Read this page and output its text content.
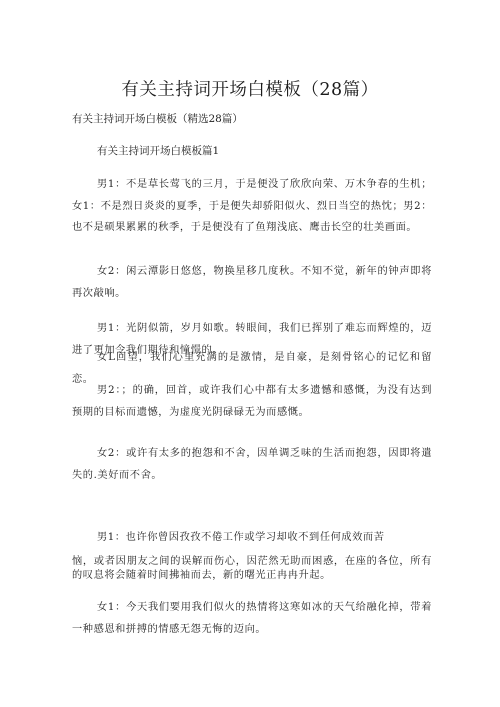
有关主持词开场白模板（28篇）
有关主持词开场白模板（精选28篇）
有关主持词开场白模板篇1
男1：不是草长莺飞的三月，于是便没了欣欣向荣、万木争春的生机；女1：不是烈日炎炎的夏季，于是便失却骄阳似火、烈日当空的热忱；男2：也不是硕果累累的秋季，于是便没有了鱼翔浅底、鹰击长空的壮美画面。
女2：闲云潭影日悠悠，物换星移几度秋。不知不觉，新年的钟声即将再次敲响。
男1：光阴似箭，岁月如歌。转眼间，我们已挥别了难忘而辉煌的，迈进了更加令我们期待和憧憬的。
女L回望，我们心里充满的是激情，是自豪，是刻骨铭心的记忆和留恋。
男2：；的确，回首，或许我们心中都有太多遗憾和感慨，为没有达到预期的目标而遗憾，为虚度光阴碌碌无为而感慨。
女2：或许有太多的抱怨和不舍，因单调乏味的生活而抱怨，因即将遣失的.美好而不舍。
男1：也许你曾因孜孜不倦工作或学习却收不到任何成效而苦
恼，或者因朋友之间的误解而伤心，因茫然无助而困惑，在座的各位，所有的叹息将会随着时间拂袖而去，新的曙光正冉冉升起。
女1：今天我们要用我们似火的热情将这寒如冰的天气给融化掉，带着一种感恩和拼搏的情感无怨无悔的迈向。
